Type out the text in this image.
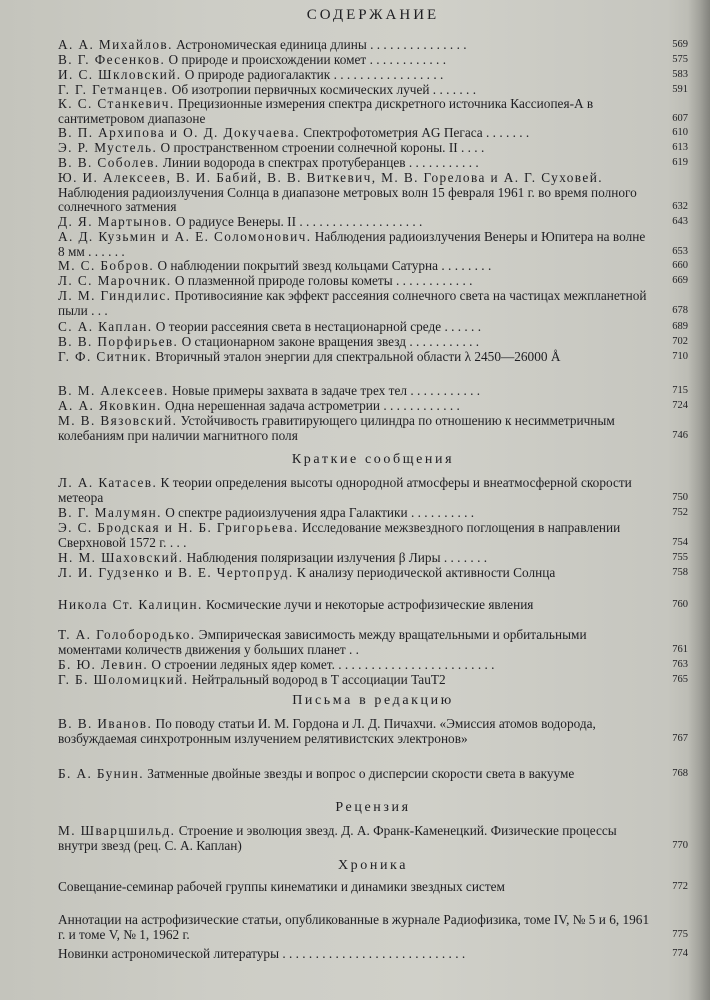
СОДЕРЖАНИЕ
А. А. Михайлов. Астрономическая единица длины . . . . . . . . . . . . . . .	569
В. Г. Фесенков. О природе и происхождении комет . . . . . . . . . . . .	575
И. С. Шкловский. О природе радиогалактик . . . . . . . . . . . . . . . . .	583
Г. Г. Гетманцев. Об изотропии первичных космических лучей . . . . . . .	591
К. С. Станкевич. Прецизионные измерения спектра дискретного источника Кассиопея-А в сантиметровом диапазоне	607
В. П. Архипова и О. Д. Докучаева. Спектрофотометрия AG Пегаса . . . . . . .	610
Э. Р. Мустель. О пространственном строении солнечной короны. II . . . .	613
В. В. Соболев. Линии водорода в спектрах протуберанцев . . . . . . . . . . .	619
Ю. И. Алексеев, В. И. Бабий, В. В. Виткевич, М. В. Горелова и А. Г. Суховей. Наблюдения радиоизлучения Солнца в диапазоне метровых волн 15 февраля 1961 г. во время полного солнечного затмения	632
Д. Я. Мартынов. О радиусе Венеры. II . . . . . . . . . . . . . . . . . . .	643
А. Д. Кузьмин и А. Е. Соломонович. Наблюдения радиоизлучения Венеры и Юпитера на волне 8 мм . . . . . .	653
М. С. Бобров. О наблюдении покрытий звезд кольцами Сатурна . . . . . . . .	660
Л. С. Марочник. О плазменной природе головы кометы . . . . . . . . . . . .	669
Л. М. Гиндилис. Противосияние как эффект рассеяния солнечного света на частицах межпланетной пыли . . .	678
С. А. Каплан. О теории рассеяния света в нестационарной среде . . . . . .	689
В. В. Порфирьев. О стационарном законе вращения звезд . . . . . . . . . . .	702
Г. Ф. Ситник. Вторичный эталон энергии для спектральной области λ 2450—26000 Å	710
В. М. Алексеев. Новые примеры захвата в задаче трех тел . . . . . . . . . . .	715
А. А. Яковкин. Одна нерешенная задача астрометрии . . . . . . . . . . . .	724
М. В. Вязовский. Устойчивость гравитирующего цилиндра по отношению к несимметричным колебаниям при наличии магнитного поля	746
Краткие сообщения
Л. А. Катасев. К теории определения высоты однородной атмосферы и внеатмосферной скорости метеора	750
В. Г. Малумян. О спектре радиоизлучения ядра Галактики . . . . . . . . . .	752
Э. С. Бродская и Н. Б. Григорьева. Исследование межзвездного поглощения в направлении Сверхновой 1572 г. . . .	754
Н. М. Шаховский. Наблюдения поляризации излучения β Лиры . . . . . . .	755
Л. И. Гудзенко и В. Е. Чертопруд. К анализу периодической активности Солнца	758
Никола Ст. Калицин. Космические лучи и некоторые астрофизические явления	760
Т. А. Голобородько. Эмпирическая зависимость между вращательными и орбитальными моментами количеств движения у больших планет . .	761
Б. Ю. Левин. О строении ледяных ядер комет. . . . . . . . . . . . . . . . . . . . . . . . .	763
Г. Б. Шоломицкий. Нейтральный водород в T ассоциации TauT2	765
Письма в редакцию
В. В. Иванов. По поводу статьи И. М. Гордона и Л. Д. Пичахчи. «Эмиссия атомов водорода, возбуждаемая синхротронным излучением релятивистских электронов»	767
Б. А. Бунин. Затменные двойные звезды и вопрос о дисперсии скорости света в вакууме	768
Рецензия
М. Шварцшильд. Строение и эволюция звезд. Д. А. Франк-Каменецкий. Физические процессы внутри звезд (рец. С. А. Каплан)	770
Хроника
Совещание-семинар рабочей группы кинематики и динамики звездных систем	772
Аннотации на астрофизические статьи, опубликованные в журнале Радиофизика, томе IV, № 5 и 6, 1961 г. и томе V, № 1, 1962 г.	775
Новинки астрономической литературы . . . . . . . . . . . . . . . . . . . . . . . . . . . .	774
